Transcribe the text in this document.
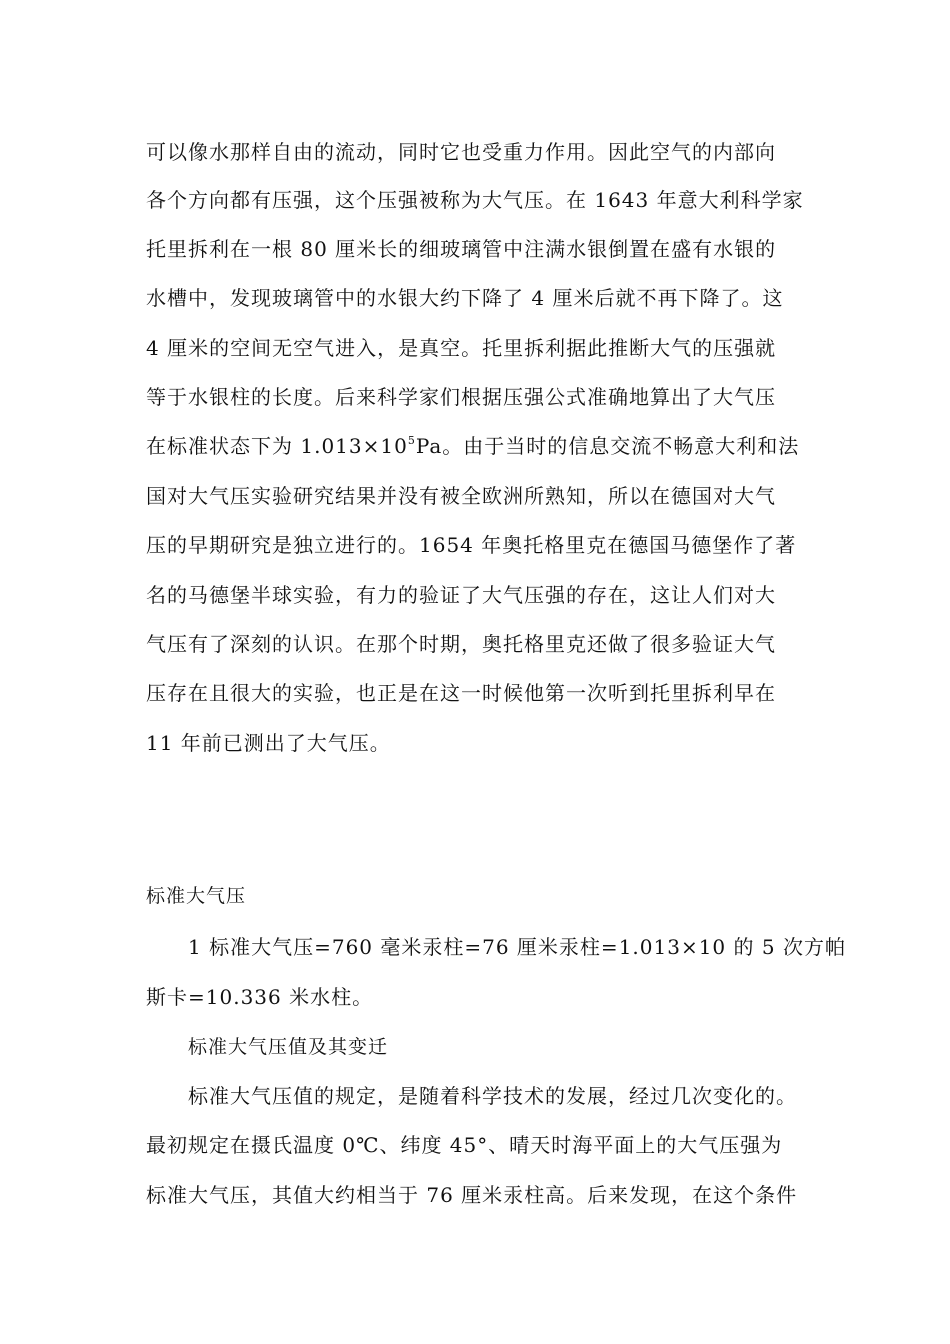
可以像水那样自由的流动，同时它也受重力作用。因此空气的内部向
各个方向都有压强，这个压强被称为大气压。在 1643 年意大利科学家
托里拆利在一根 80 厘米长的细玻璃管中注满水银倒置在盛有水银的
水槽中，发现玻璃管中的水银大约下降了 4 厘米后就不再下降了。这
4 厘米的空间无空气进入，是真空。托里拆利据此推断大气的压强就
等于水银柱的长度。后来科学家们根据压强公式准确地算出了大气压
在标准状态下为 $1.013\times 10^5Pa$。由于当时的信息交流不畅意大利和法
国对大气压实验研究结果并没有被全欧洲所熟知，所以在德国对大气
压的早期研究是独立进行的。1654 年奥托格里克在德国马德堡作了著
名的马德堡半球实验，有力的验证了大气压强的存在，这让人们对大
气压有了深刻的认识。在那个时期，奥托格里克还做了很多验证大气
压存在且很大的实验，也正是在这一时候他第一次听到托里拆利早在
11 年前已测出了大气压。
标准大气压
1 标准大气压=760 毫米汞柱=76 厘米汞柱=1.013×10 的 5 次方帕
斯卡=10.336 米水柱。
标准大气压值及其变迁
标准大气压值的规定，是随着科学技术的发展，经过几次变化的。
最初规定在摄氏温度 0℃、纬度 45°、晴天时海平面上的大气压强为
标准大气压，其值大约相当于 76 厘米汞柱高。后来发现，在这个条件
